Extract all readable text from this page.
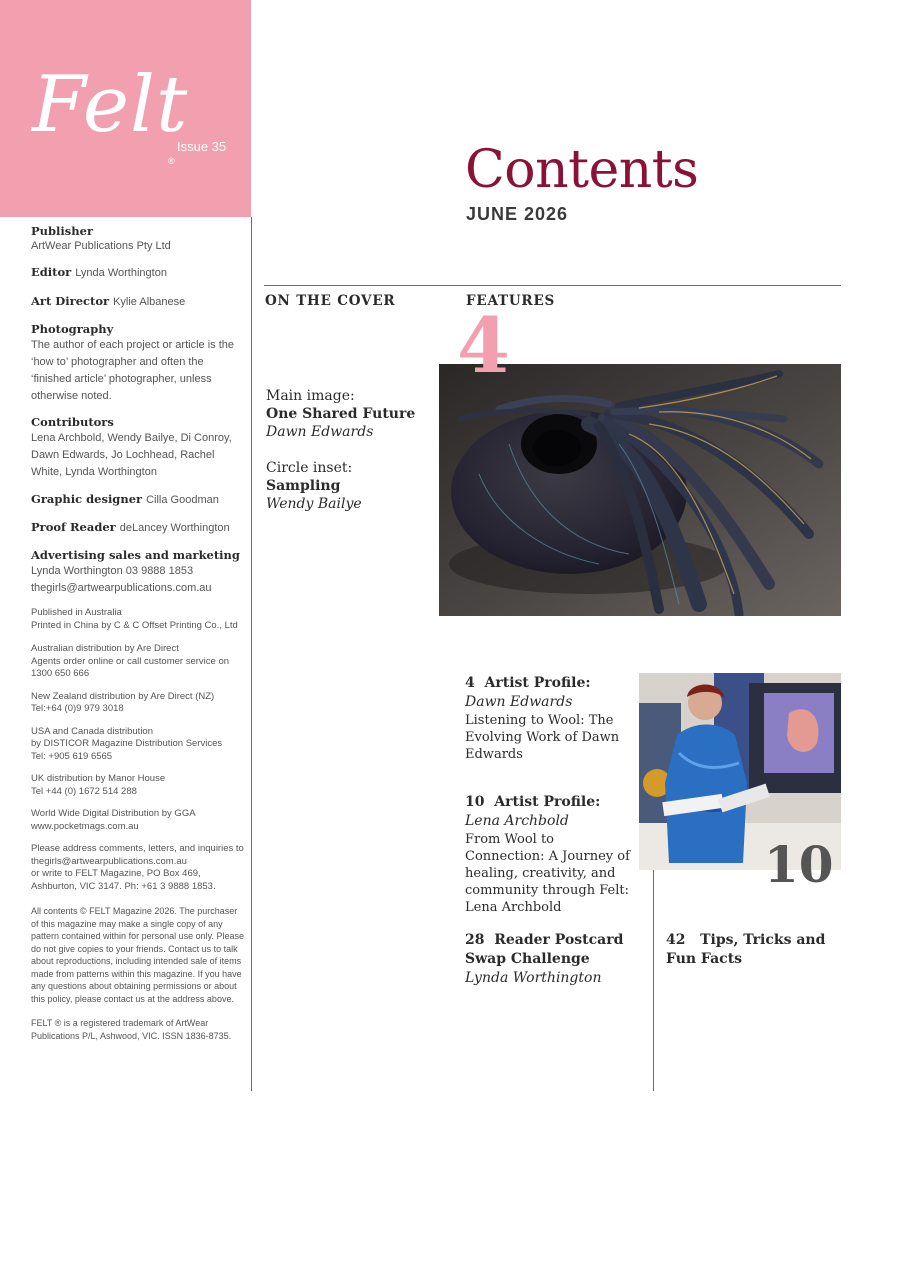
Felt
®
Issue 35
Publisher
ArtWear Publications Pty Ltd
Editor Lynda Worthington
Art Director Kylie Albanese
Photography
The author of each project or article is the ‘how to’ photographer and often the ‘finished article’ photographer, unless otherwise noted.
Contributors
Lena Archbold, Wendy Bailye, Di Conroy, Dawn Edwards, Jo Lochhead, Rachel White, Lynda Worthington
Graphic designer Cilla Goodman
Proof Reader deLancey Worthington
Advertising sales and marketing
Lynda Worthington 03 9888 1853
thegirls@artwearpublications.com.au

Published in Australia

Printed in China by C & C Offset Printing Co., Ltd

Australian distribution by Are Direct

Agents order online or call customer service on 1300 650 666

New Zealand distribution by Are Direct (NZ)

Tel:+64 (0)9 979 3018

USA and Canada distribution

by DISTICOR Magazine Distribution Services

Tel: +905 619 6565

UK distribution by Manor House

Tel +44 (0) 1672 514 288

World Wide Digital Distribution by GGA

www.pocketmags.com.au

Please address comments, letters, and inquiries to

thegirls@artwearpublications.com.au

or write to FELT Magazine, PO Box 469,

Ashburton, VIC 3147. Ph: +61 3 9888 1853.

All contents © FELT Magazine 2026. The purchaser of this magazine may make a single copy of any pattern contained within for personal use only. Please do not give copies to your friends. Contact us to talk about reproductions, including intended sale of items made from patterns within this magazine. If you have any questions about obtaining permissions or about this policy, please contact us at the address above.

FELT ® is a registered trademark of ArtWear Publications P/L, Ashwood, VIC. ISSN 1836-8735.

Contents
JUNE 2026
ON THE COVER	FEATURES

Main image:

One Shared Future

Dawn Edwards

Circle inset:

Sampling

Wendy Bailye

4
10

4 Artist Profile:

Dawn Edwards

Listening to Wool: The Evolving Work of Dawn Edwards

10 Artist Profile:

Lena Archbold

From Wool to Connection: A Journey of healing, creativity, and community through Felt: Lena Archbold

28 Reader Postcard Swap Challenge

Lynda Worthington

42 Tips, Tricks and Fun Facts
